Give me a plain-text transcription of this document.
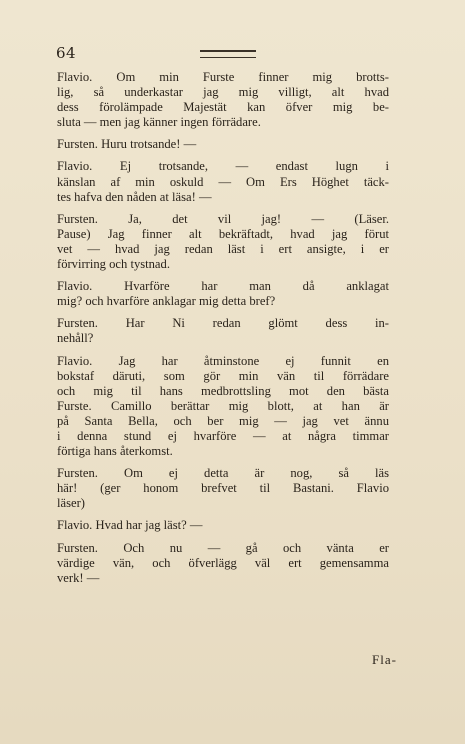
64
Flavio. Om min Furste finner mig brotts-
lig, så underkastar jag mig villigt, alt hvad
dess förolämpade Majestät kan öfver mig be-
sluta — men jag känner ingen förrädare.
Fursten. Huru trotsande! —
Flavio. Ej trotsande, — endast lugn i
känslan af min oskuld — Om Ers Höghet täck-
tes hafva den nåden at läsa! —
Fursten. Ja, det vil jag! — (Läser.
Pause) Jag finner alt bekräftadt, hvad jag förut
vet — hvad jag redan läst i ert ansigte, i er
förvirring och tystnad.
Flavio. Hvarföre har man då anklagat
mig? och hvarföre anklagar mig detta bref?
Fursten. Har Ni redan glömt dess in-
nehåll?
Flavio. Jag har åtminstone ej funnit en
bokstaf däruti, som gör min vän til förrädare
och mig til hans medbrottsling mot den bästa
Furste. Camillo berättar mig blott, at han är
på Santa Bella, och ber mig — jag vet ännu
i denna stund ej hvarföre — at några timmar
förtiga hans återkomst.
Fursten. Om ej detta är nog, så läs
här! (ger honom brefvet til Bastani. Flavio
läser)
Flavio. Hvad har jag läst? —
Fursten. Och nu — gå och vänta er
värdige vän, och öfverlägg väl ert gemensamma
verk! —
Fla-
